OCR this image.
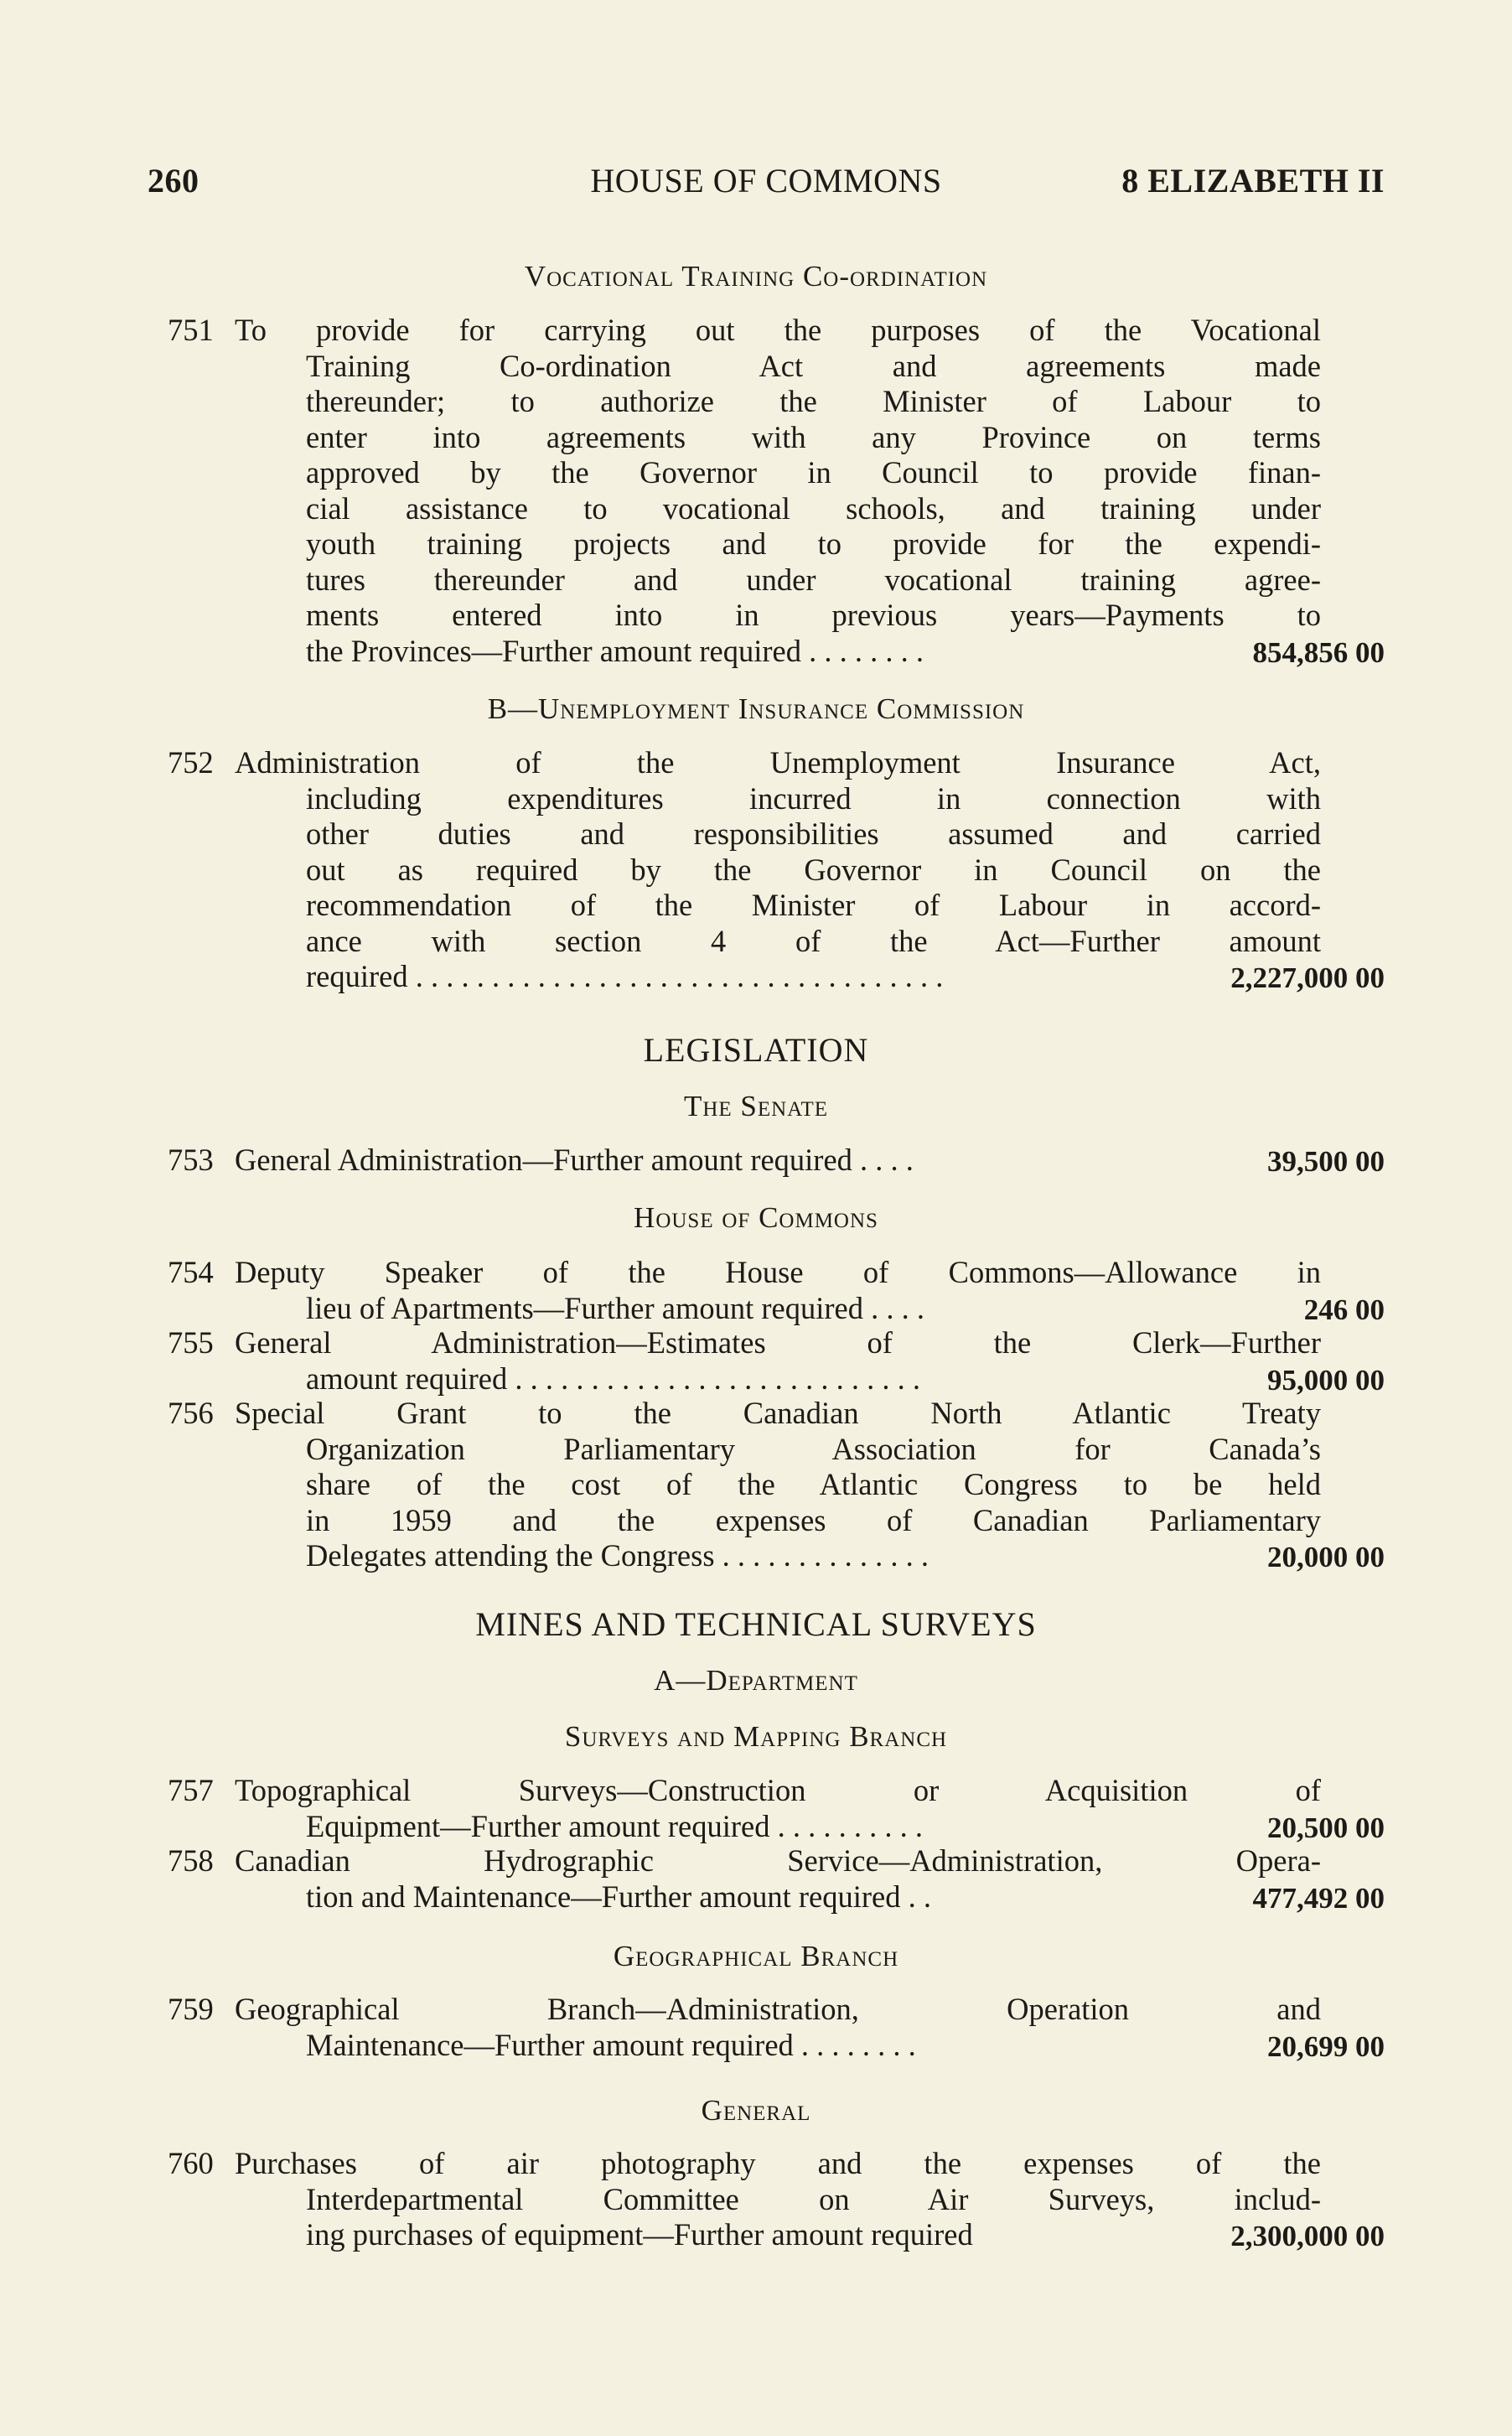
260	HOUSE OF COMMONS	8 ELIZABETH II
Vocational Training Co-ordination
751 To provide for carrying out the purposes of the Vocational
Training Co-ordination Act and agreements made
thereunder; to authorize the Minister of Labour to
enter into agreements with any Province on terms
approved by the Governor in Council to provide finan-
cial assistance to vocational schools, and training under
youth training projects and to provide for the expendi-
tures thereunder and under vocational training agree-
ments entered into in previous years—Payments to
the Provinces—Further amount required . . . . . . . .	854,856 00
B—Unemployment Insurance Commission
752 Administration of the Unemployment Insurance Act,
including expenditures incurred in connection with
other duties and responsibilities assumed and carried
out as required by the Governor in Council on the
recommendation of the Minister of Labour in accord-
ance with section 4 of the Act—Further amount
required . . . . . . . . . . . . . . . . . . . . . . . . . . . . . . . . . . .	2,227,000 00
LEGISLATION
The Senate
753 General Administration—Further amount required . . . .	39,500 00
House of Commons
754 Deputy Speaker of the House of Commons—Allowance in
lieu of Apartments—Further amount required . . . .	246 00
755 General Administration—Estimates of the Clerk—Further
amount required . . . . . . . . . . . . . . . . . . . . . . . . . . .	95,000 00
756 Special Grant to the Canadian North Atlantic Treaty
Organization Parliamentary Association for Canada’s
share of the cost of the Atlantic Congress to be held
in 1959 and the expenses of Canadian Parliamentary
Delegates attending the Congress . . . . . . . . . . . . . .	20,000 00
MINES AND TECHNICAL SURVEYS
A—Department
Surveys and Mapping Branch
757 Topographical Surveys—Construction or Acquisition of
Equipment—Further amount required . . . . . . . . . .	20,500 00
758 Canadian Hydrographic Service—Administration, Opera-
tion and Maintenance—Further amount required . .	477,492 00
Geographical Branch
759 Geographical Branch—Administration, Operation and
Maintenance—Further amount required . . . . . . . .	20,699 00
General
760 Purchases of air photography and the expenses of the
Interdepartmental Committee on Air Surveys, includ-
ing purchases of equipment—Further amount required	2,300,000 00
